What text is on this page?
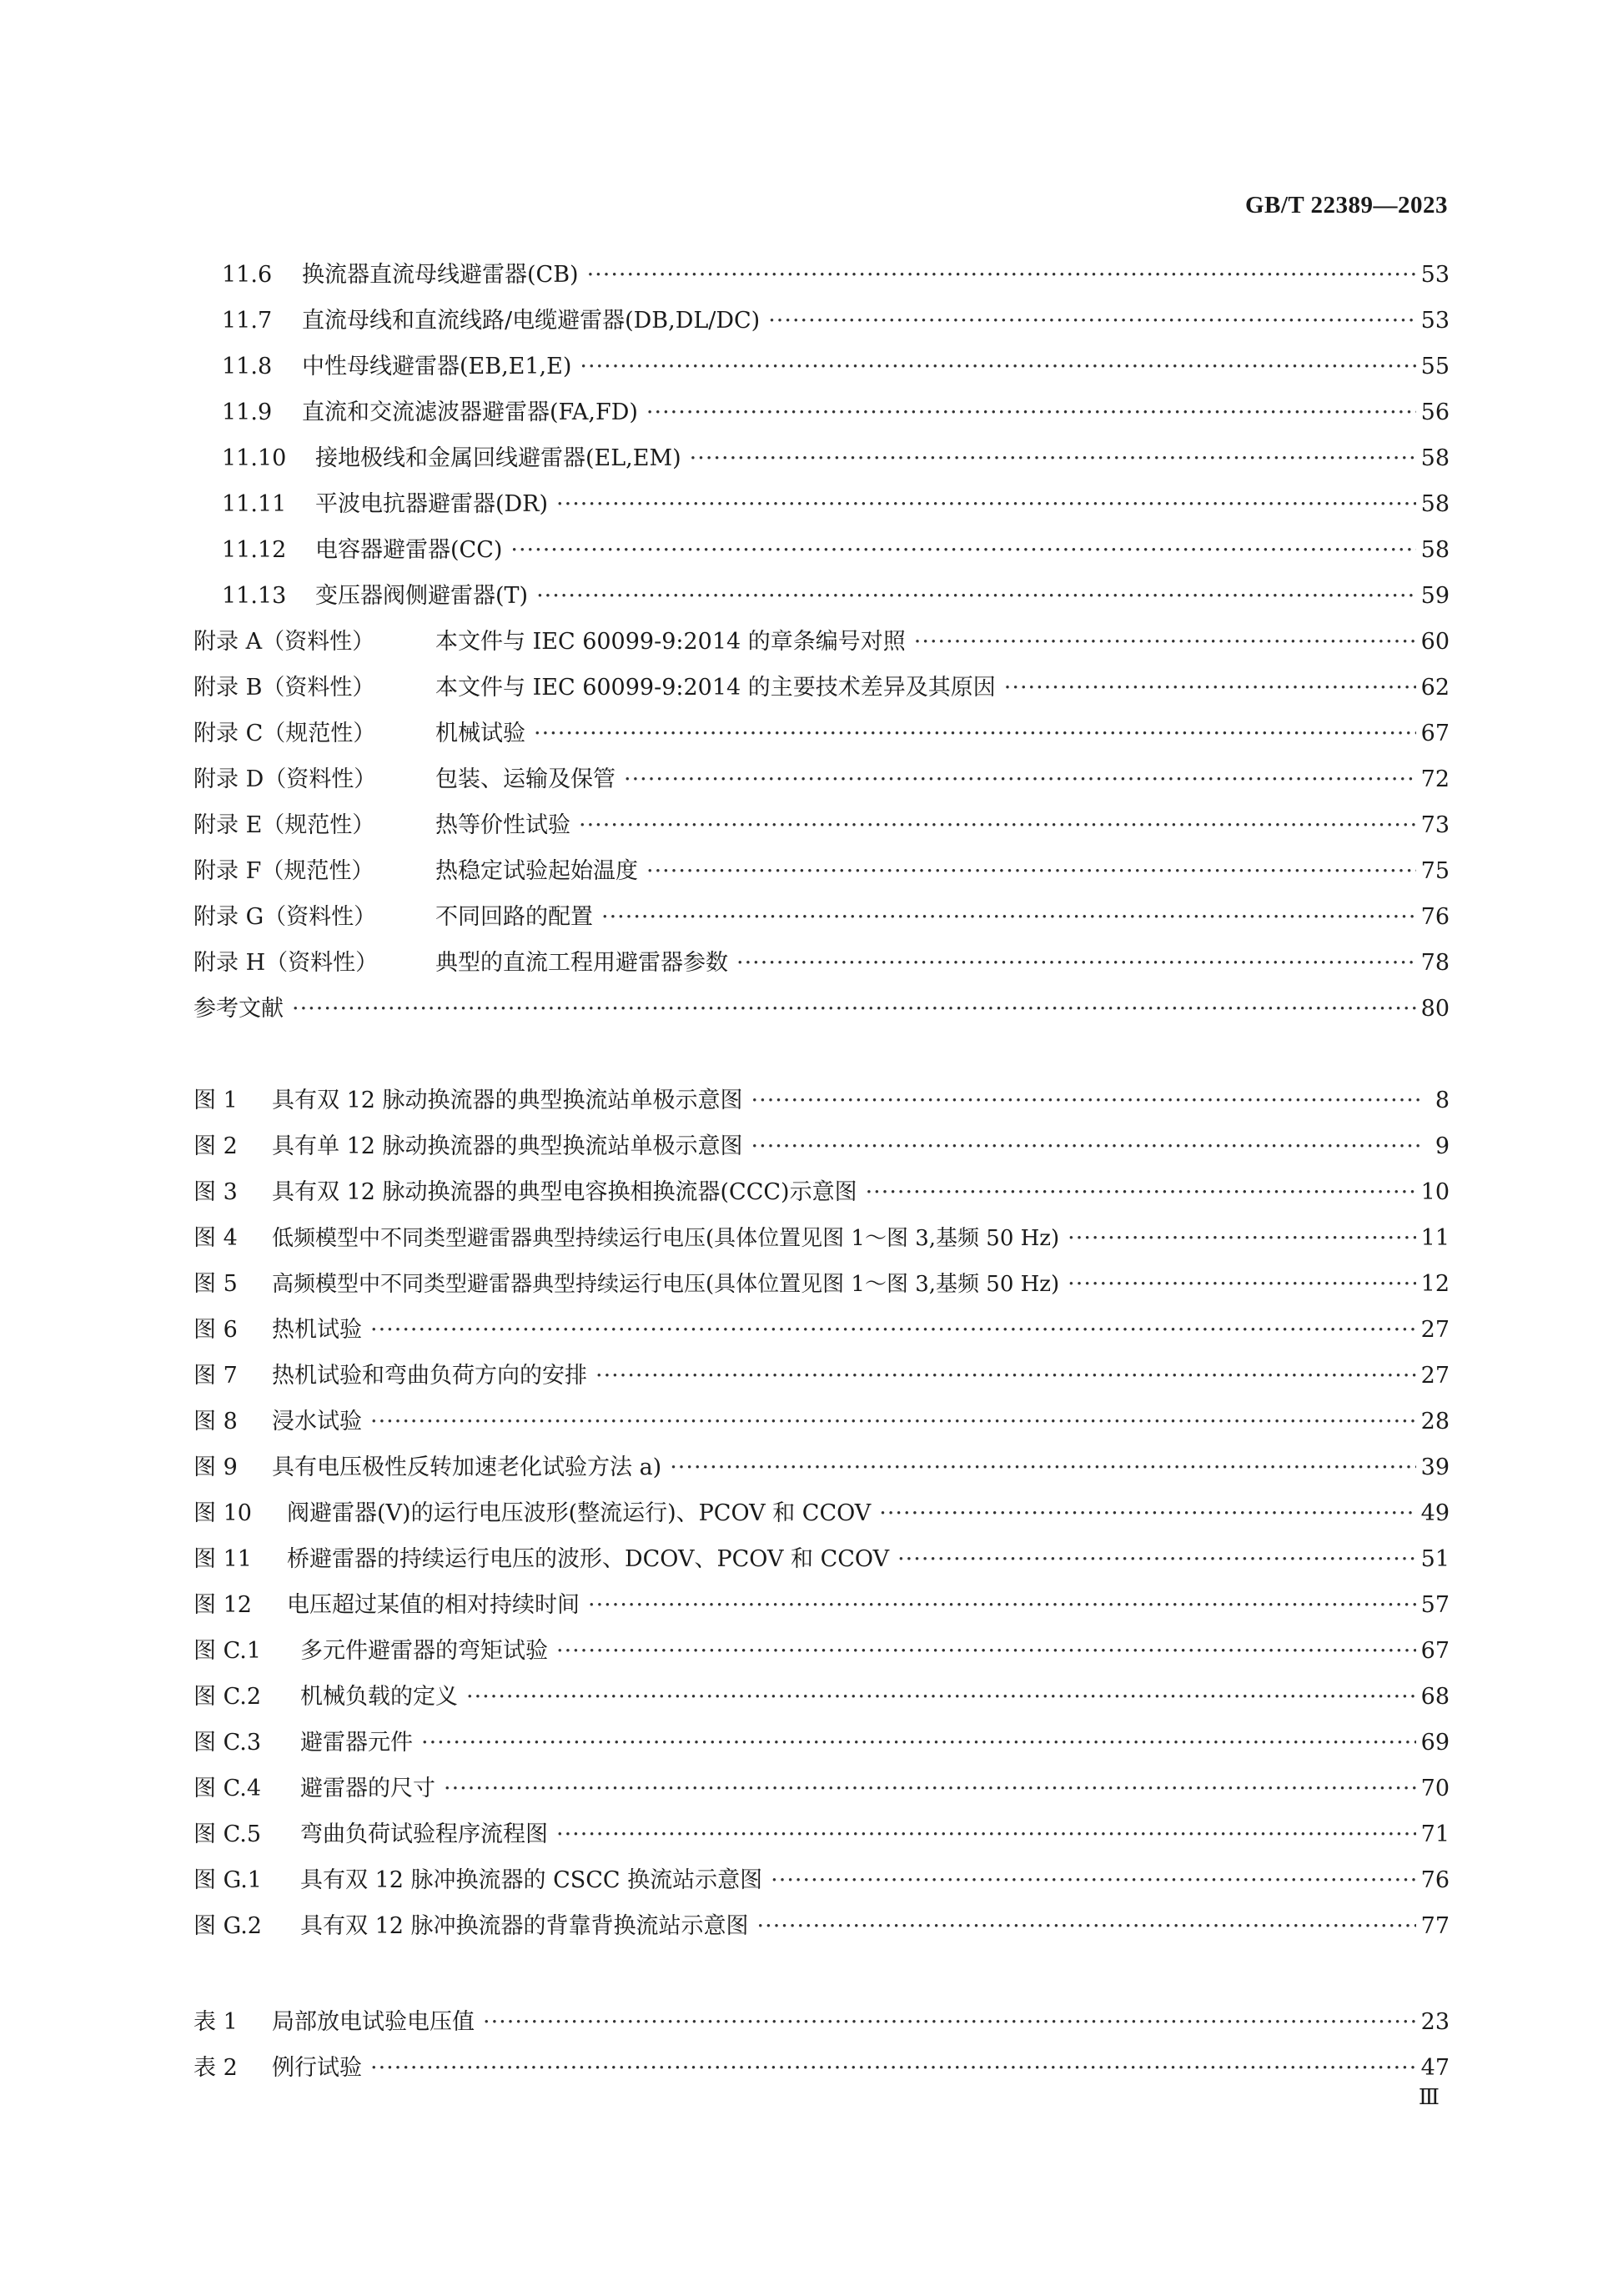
GB/T 22389—2023
11.6	换流器直流母线避雷器(CB) ·····	53
11.7	直流母线和直流线路/电缆避雷器(DB,DL/DC) ·····	53
11.8	中性母线避雷器(EB,E1,E) ·····	55
11.9	直流和交流滤波器避雷器(FA,FD) ·····	56
11.10	接地极线和金属回线避雷器(EL,EM) ·····	58
11.11	平波电抗器避雷器(DR) ·····	58
11.12	电容器避雷器(CC) ·····	58
11.13	变压器阀侧避雷器(T) ·····	59
附录 A（资料性）	本文件与 IEC 60099-9:2014 的章条编号对照 ·····	60
附录 B（资料性）	本文件与 IEC 60099-9:2014 的主要技术差异及其原因 ·····	62
附录 C（规范性）	机械试验 ·····	67
附录 D（资料性）	包装、运输及保管 ·····	72
附录 E（规范性）	热等价性试验 ·····	73
附录 F（规范性）	热稳定试验起始温度 ·····	75
附录 G（资料性）	不同回路的配置 ·····	76
附录 H（资料性）	典型的直流工程用避雷器参数 ·····	78
参考文献 ·····	80
图 1	具有双 12 脉动换流器的典型换流站单极示意图 ·····	8
图 2	具有单 12 脉动换流器的典型换流站单极示意图 ·····	9
图 3	具有双 12 脉动换流器的典型电容换相换流器(CCC)示意图 ·····	10
图 4	低频模型中不同类型避雷器典型持续运行电压(具体位置见图 1～图 3,基频 50 Hz) ·····	11
图 5	高频模型中不同类型避雷器典型持续运行电压(具体位置见图 1～图 3,基频 50 Hz) ·····	12
图 6	热机试验 ·····	27
图 7	热机试验和弯曲负荷方向的安排 ·····	27
图 8	浸水试验 ·····	28
图 9	具有电压极性反转加速老化试验方法 a) ·····	39
图 10	阀避雷器(V)的运行电压波形(整流运行)、PCOV 和 CCOV ·····	49
图 11	桥避雷器的持续运行电压的波形、DCOV、PCOV 和 CCOV ·····	51
图 12	电压超过某值的相对持续时间 ·····	57
图 C.1	多元件避雷器的弯矩试验 ·····	67
图 C.2	机械负载的定义 ·····	68
图 C.3	避雷器元件 ·····	69
图 C.4	避雷器的尺寸 ·····	70
图 C.5	弯曲负荷试验程序流程图 ·····	71
图 G.1	具有双 12 脉冲换流器的 CSCC 换流站示意图 ·····	76
图 G.2	具有双 12 脉冲换流器的背靠背换流站示意图 ·····	77
表 1	局部放电试验电压值 ·····	23
表 2	例行试验 ·····	47
Ⅲ
